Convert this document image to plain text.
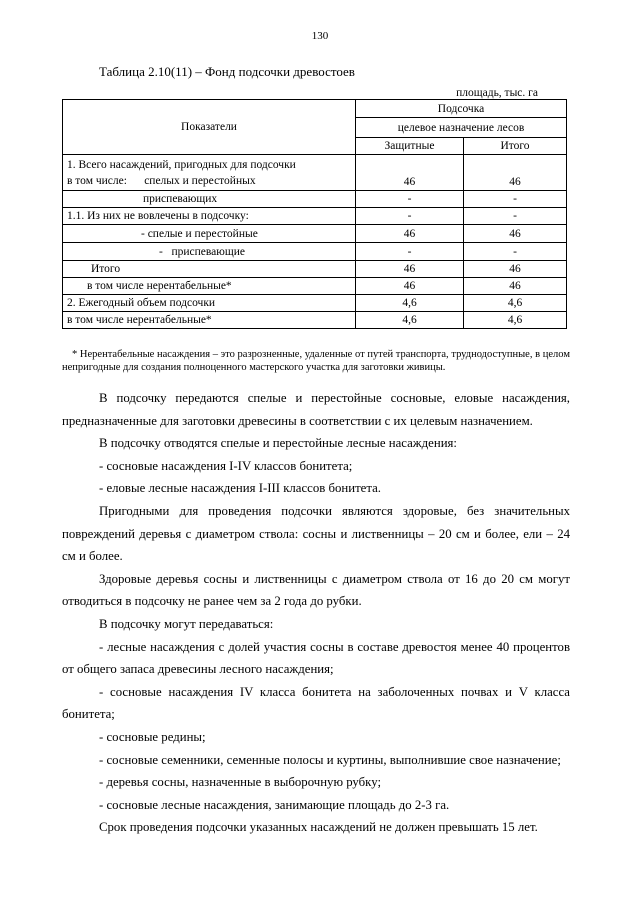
130
Таблица 2.10(11) – Фонд подсочки древостоев
площадь, тыс. га
Показатели	Подсочка	
	целевое назначение лесов	
	Защитные	Итого

1. Всего насаждений, пригодных для подсочки
в том числе:      спелых и перестойных	46	46
приспевающих	-	-
1.1. Из них не вовлечены в подсочку:	-	-
- спелые и перестойные	46	46
-   приспевающие	-	-
Итого	46	46
в том числе нерентабельные*	46	46
2. Ежегодный объем подсочки	4,6	4,6
в том числе нерентабельные*	4,6	4,6
* Нерентабельные насаждения – это разрозненные, удаленные от путей транспорта, труднодоступные, в целом непригодные для создания полноценного мастерского участка для заготовки живицы.

В подсочку передаются спелые и перестойные сосновые, еловые насаждения, предназначенные для заготовки древесины в соответствии с их целевым назначением.

В подсочку отводятся спелые и перестойные лесные насаждения:

- сосновые насаждения I-IV классов бонитета;

- еловые лесные насаждения I-III классов бонитета.

Пригодными для проведения подсочки являются здоровые, без значительных повреждений деревья с диаметром ствола: сосны и лиственницы – 20 см и более, ели – 24 см и более.

Здоровые деревья сосны и лиственницы с диаметром ствола от 16 до 20 см могут отводиться в подсочку не ранее чем за 2 года до рубки.

В подсочку могут передаваться:

- лесные насаждения с долей участия сосны в составе древостоя менее 40 процентов от общего запаса древесины лесного насаждения;

- сосновые насаждения IV класса бонитета на заболоченных почвах и V класса бонитета;

- сосновые редины;

- сосновые семенники, семенные полосы и куртины, выполнившие свое назначение;

- деревья сосны, назначенные в выборочную рубку;

- сосновые лесные насаждения, занимающие площадь до 2-3 га.

Срок проведения подсочки указанных насаждений не должен превышать 15 лет.
